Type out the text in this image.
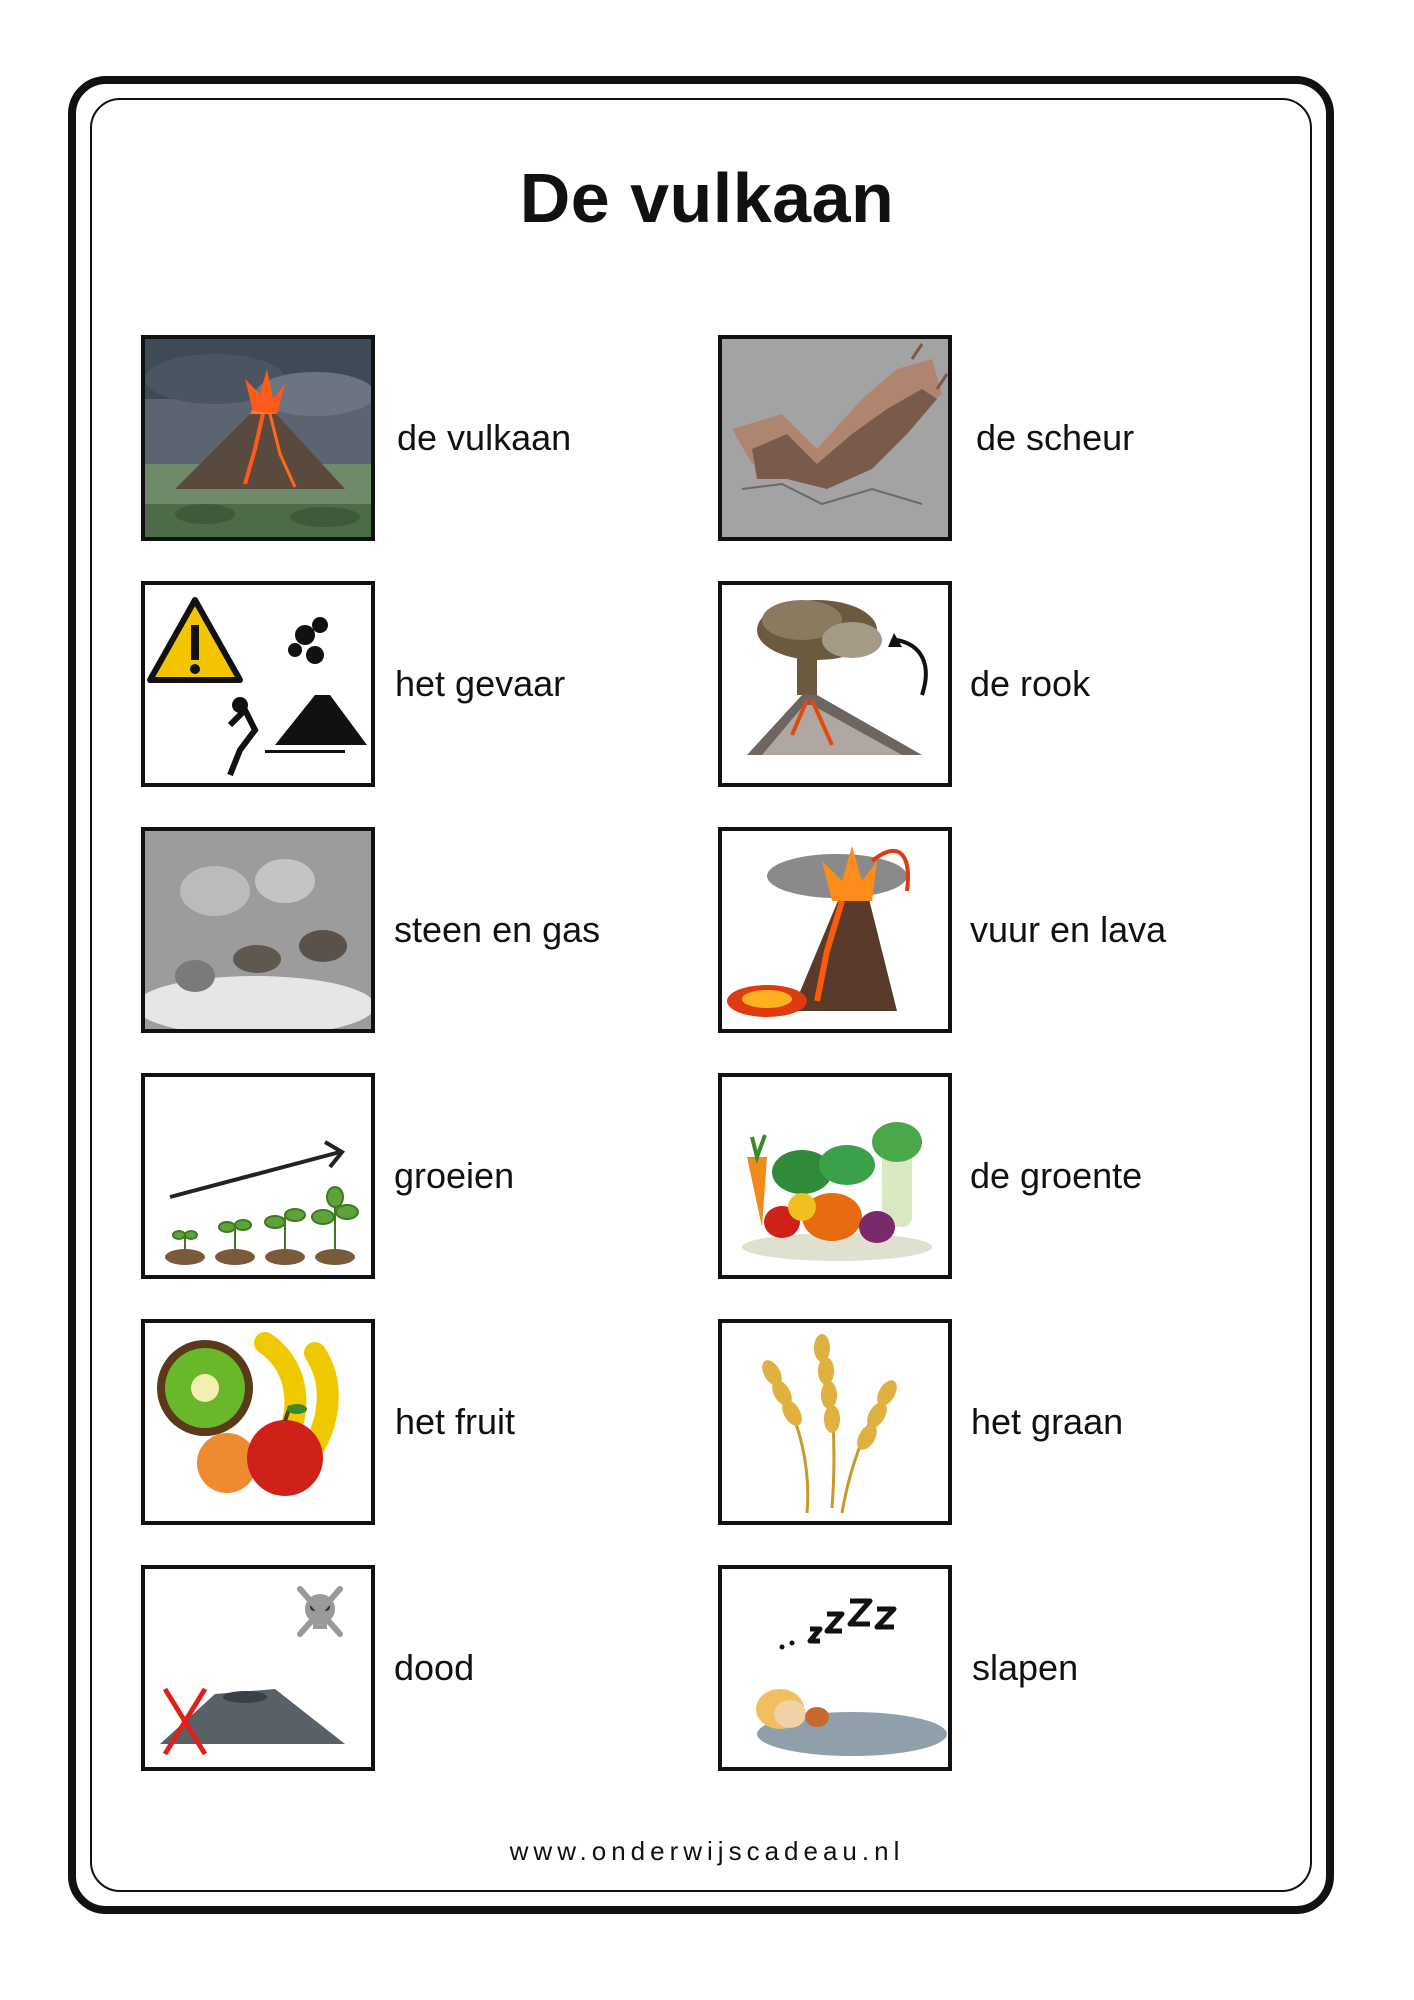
De vulkaan
de vulkaan	de scheur
het gevaar	de rook
steen en gas	vuur en lava
groeien	de groente
het fruit	het graan
dood	slapen
www.onderwijscadeau.nl
